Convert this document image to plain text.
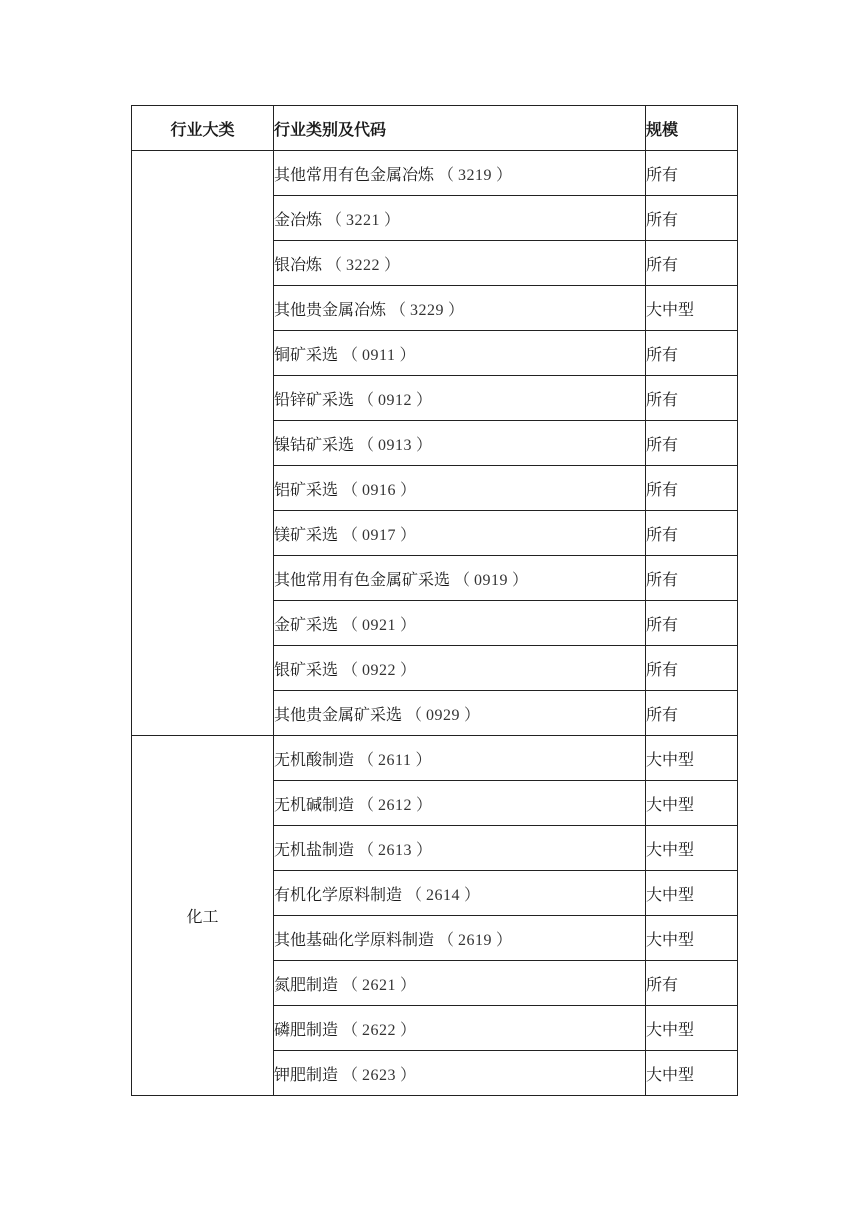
行业大类	行业类别及代码	规模
	其他常用有色金属冶炼 （ 3219 ）	所有
	金冶炼 （ 3221 ）	所有
	银冶炼 （ 3222 ）	所有
	其他贵金属冶炼 （ 3229 ）	大中型
	铜矿采选 （ 0911 ）	所有
	铅锌矿采选 （ 0912 ）	所有
	镍钴矿采选 （ 0913 ）	所有
	铝矿采选 （ 0916 ）	所有
	镁矿采选 （ 0917 ）	所有
	其他常用有色金属矿采选 （ 0919 ）	所有
	金矿采选 （ 0921 ）	所有
	银矿采选 （ 0922 ）	所有
	其他贵金属矿采选 （ 0929 ）	所有
化工	无机酸制造 （ 2611 ）	大中型
	无机碱制造 （ 2612 ）	大中型
	无机盐制造 （ 2613 ）	大中型
	有机化学原料制造 （ 2614 ）	大中型
	其他基础化学原料制造 （ 2619 ）	大中型
	氮肥制造 （ 2621 ）	所有
	磷肥制造 （ 2622 ）	大中型
	钾肥制造 （ 2623 ）	大中型
